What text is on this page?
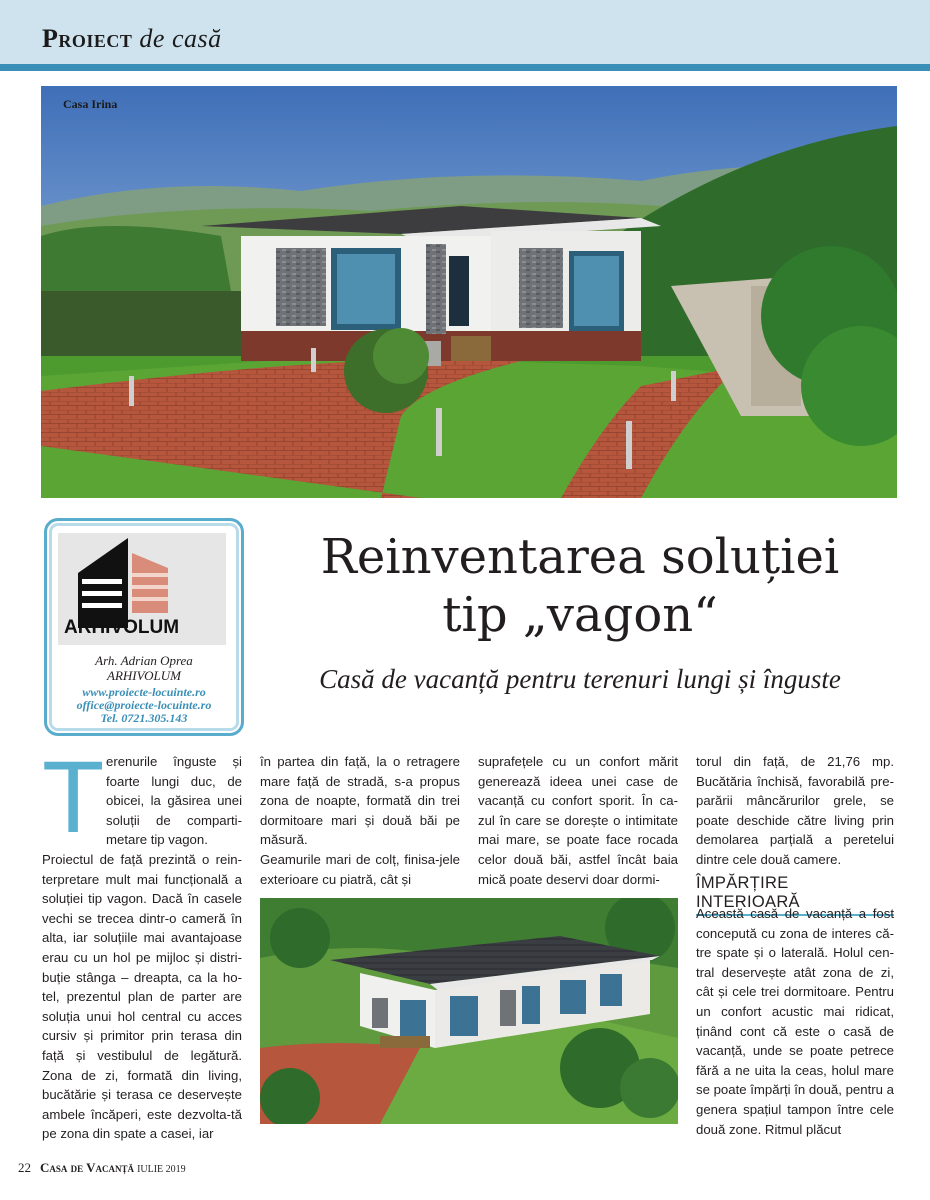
Proiect de casă
Casa Irina
ARHIVOLUM
Arh. Adrian Oprea
ARHIVOLUM
www.proiecte-locuinte.ro
office@proiecte-locuinte.ro
Tel. 0721.305.143
Reinventarea soluției
tip „vagon“
Casă de vacanță pentru terenuri lungi și înguste
T erenurile înguste și foarte lungi duc, de obicei, la găsirea unei soluții de comparti-metare tip vagon.
Proiectul de față prezintă o rein-terpretare mult mai funcțională a soluției tip vagon. Dacă în casele vechi se trecea dintr-o cameră în alta, iar soluțiile mai avantajoase erau cu un hol pe mijloc și distri-buție stânga – dreapta, ca la ho-tel, prezentul plan de parter are soluția unui hol central cu acces cursiv și primitor prin terasa din față și vestibulul de legătură. Zona de zi, formată din living, bucătărie și terasa ce deservește ambele încăperi, este dezvolta-tă pe zona din spate a casei, iar

în partea din față, la o retragere mare față de stradă, s-a propus zona de noapte, formată din trei dormitoare mari și două băi pe măsură.

Geamurile mari de colț, finisa-jele exterioare cu piatră, cât și

suprafețele cu un confort mărit generează ideea unei case de vacanță cu confort sporit. În ca-zul în care se dorește o intimitate mai mare, se poate face rocada celor două băi, astfel încât baia mică poate deservi doar dormi-
torul din față, de 21,76 mp. Bucătăria închisă, favorabilă pre-parării mâncărurilor grele, se poate deschide către living prin demolarea parțială a peretelui dintre cele două camere.
ÎMPĂRȚIRE INTERIOARĂ
Această casă de vacanță a fost concepută cu zona de interes că-tre spate și o laterală. Holul cen-tral deservește atât zona de zi, cât și cele trei dormitoare. Pentru un confort acustic mai ridicat, ținând cont că este o casă de vacanță, unde se poate petrece fără a ne uita la ceas, holul mare se poate împărți în două, pentru a genera spațiul tampon între cele două zone. Ritmul plăcut
22 Casa de Vacanță IULIE 2019
